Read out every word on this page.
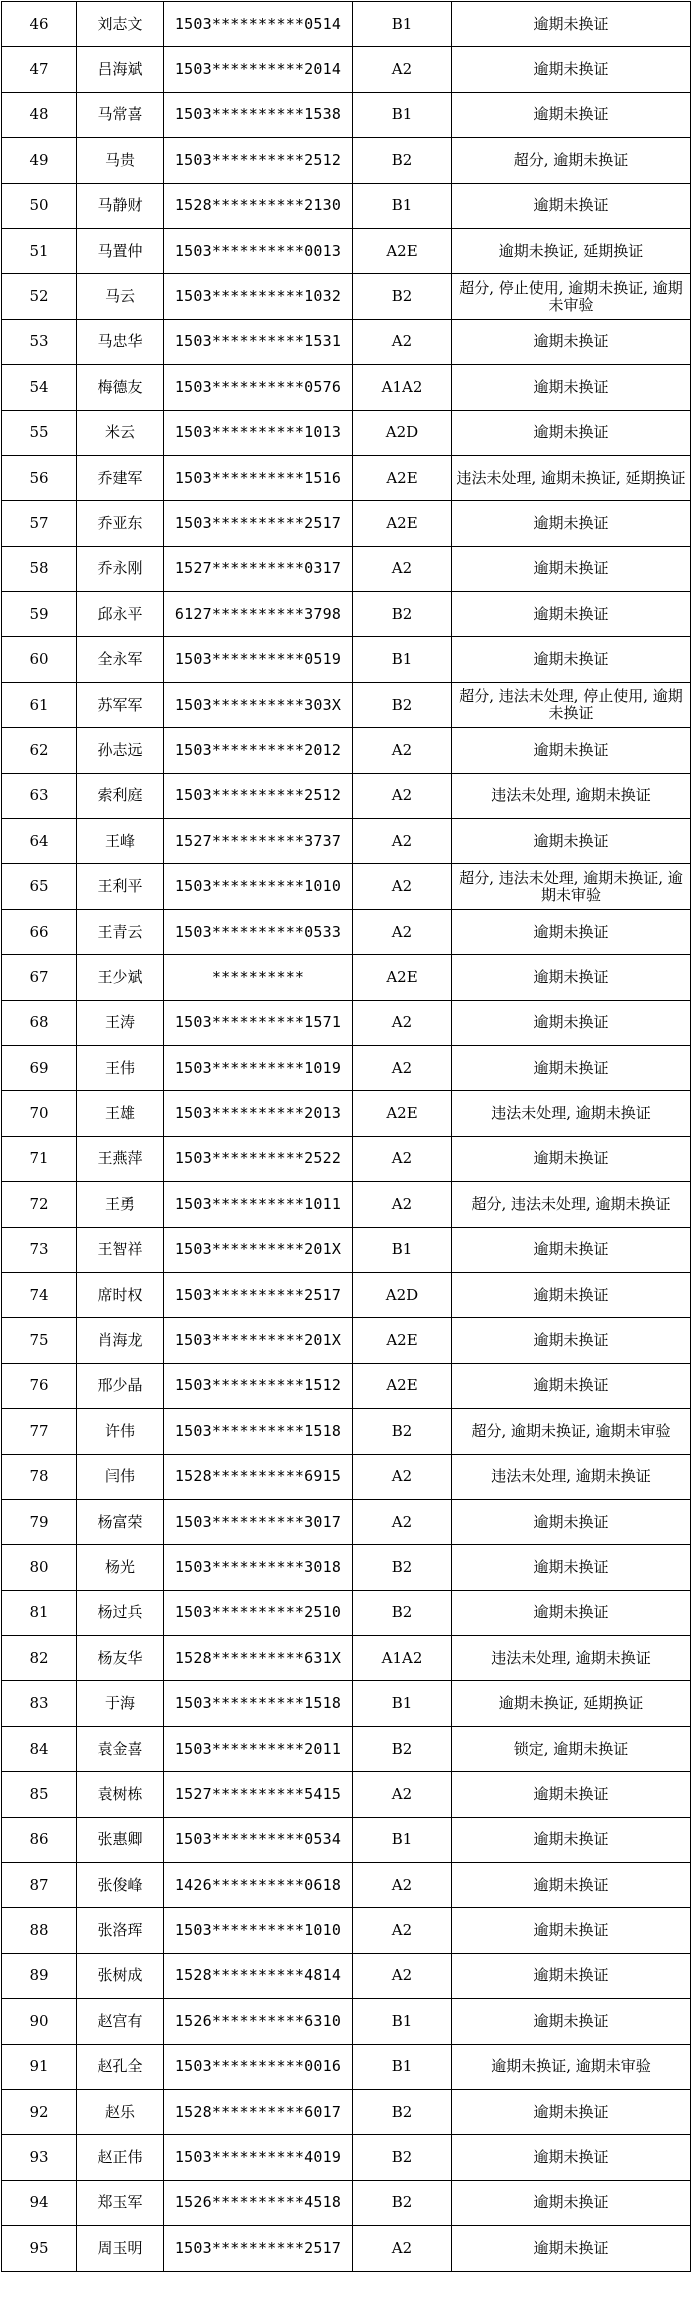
46	刘志文	1503**********0514	B1	逾期未换证
47	吕海斌	1503**********2014	A2	逾期未换证
48	马常喜	1503**********1538	B1	逾期未换证
49	马贵	1503**********2512	B2	超分, 逾期未换证
50	马静财	1528**********2130	B1	逾期未换证
51	马置仲	1503**********0013	A2E	逾期未换证, 延期换证
52	马云	1503**********1032	B2	超分, 停止使用, 逾期未换证, 逾期未审验
53	马忠华	1503**********1531	A2	逾期未换证
54	梅德友	1503**********0576	A1A2	逾期未换证
55	米云	1503**********1013	A2D	逾期未换证
56	乔建军	1503**********1516	A2E	违法未处理, 逾期未换证, 延期换证
57	乔亚东	1503**********2517	A2E	逾期未换证
58	乔永刚	1527**********0317	A2	逾期未换证
59	邱永平	6127**********3798	B2	逾期未换证
60	全永军	1503**********0519	B1	逾期未换证
61	苏军军	1503**********303X	B2	超分, 违法未处理, 停止使用, 逾期未换证
62	孙志远	1503**********2012	A2	逾期未换证
63	索利庭	1503**********2512	A2	违法未处理, 逾期未换证
64	王峰	1527**********3737	A2	逾期未换证
65	王利平	1503**********1010	A2	超分, 违法未处理, 逾期未换证, 逾期未审验
66	王青云	1503**********0533	A2	逾期未换证
67	王少斌	**********	A2E	逾期未换证
68	王涛	1503**********1571	A2	逾期未换证
69	王伟	1503**********1019	A2	逾期未换证
70	王雄	1503**********2013	A2E	违法未处理, 逾期未换证
71	王燕萍	1503**********2522	A2	逾期未换证
72	王勇	1503**********1011	A2	超分, 违法未处理, 逾期未换证
73	王智祥	1503**********201X	B1	逾期未换证
74	席时权	1503**********2517	A2D	逾期未换证
75	肖海龙	1503**********201X	A2E	逾期未换证
76	邢少晶	1503**********1512	A2E	逾期未换证
77	许伟	1503**********1518	B2	超分, 逾期未换证, 逾期未审验
78	闫伟	1528**********6915	A2	违法未处理, 逾期未换证
79	杨富荣	1503**********3017	A2	逾期未换证
80	杨光	1503**********3018	B2	逾期未换证
81	杨过兵	1503**********2510	B2	逾期未换证
82	杨友华	1528**********631X	A1A2	违法未处理, 逾期未换证
83	于海	1503**********1518	B1	逾期未换证, 延期换证
84	袁金喜	1503**********2011	B2	锁定, 逾期未换证
85	袁树栋	1527**********5415	A2	逾期未换证
86	张惠卿	1503**********0534	B1	逾期未换证
87	张俊峰	1426**********0618	A2	逾期未换证
88	张洛珲	1503**********1010	A2	逾期未换证
89	张树成	1528**********4814	A2	逾期未换证
90	赵宫有	1526**********6310	B1	逾期未换证
91	赵孔全	1503**********0016	B1	逾期未换证, 逾期未审验
92	赵乐	1528**********6017	B2	逾期未换证
93	赵正伟	1503**********4019	B2	逾期未换证
94	郑玉军	1526**********4518	B2	逾期未换证
95	周玉明	1503**********2517	A2	逾期未换证
